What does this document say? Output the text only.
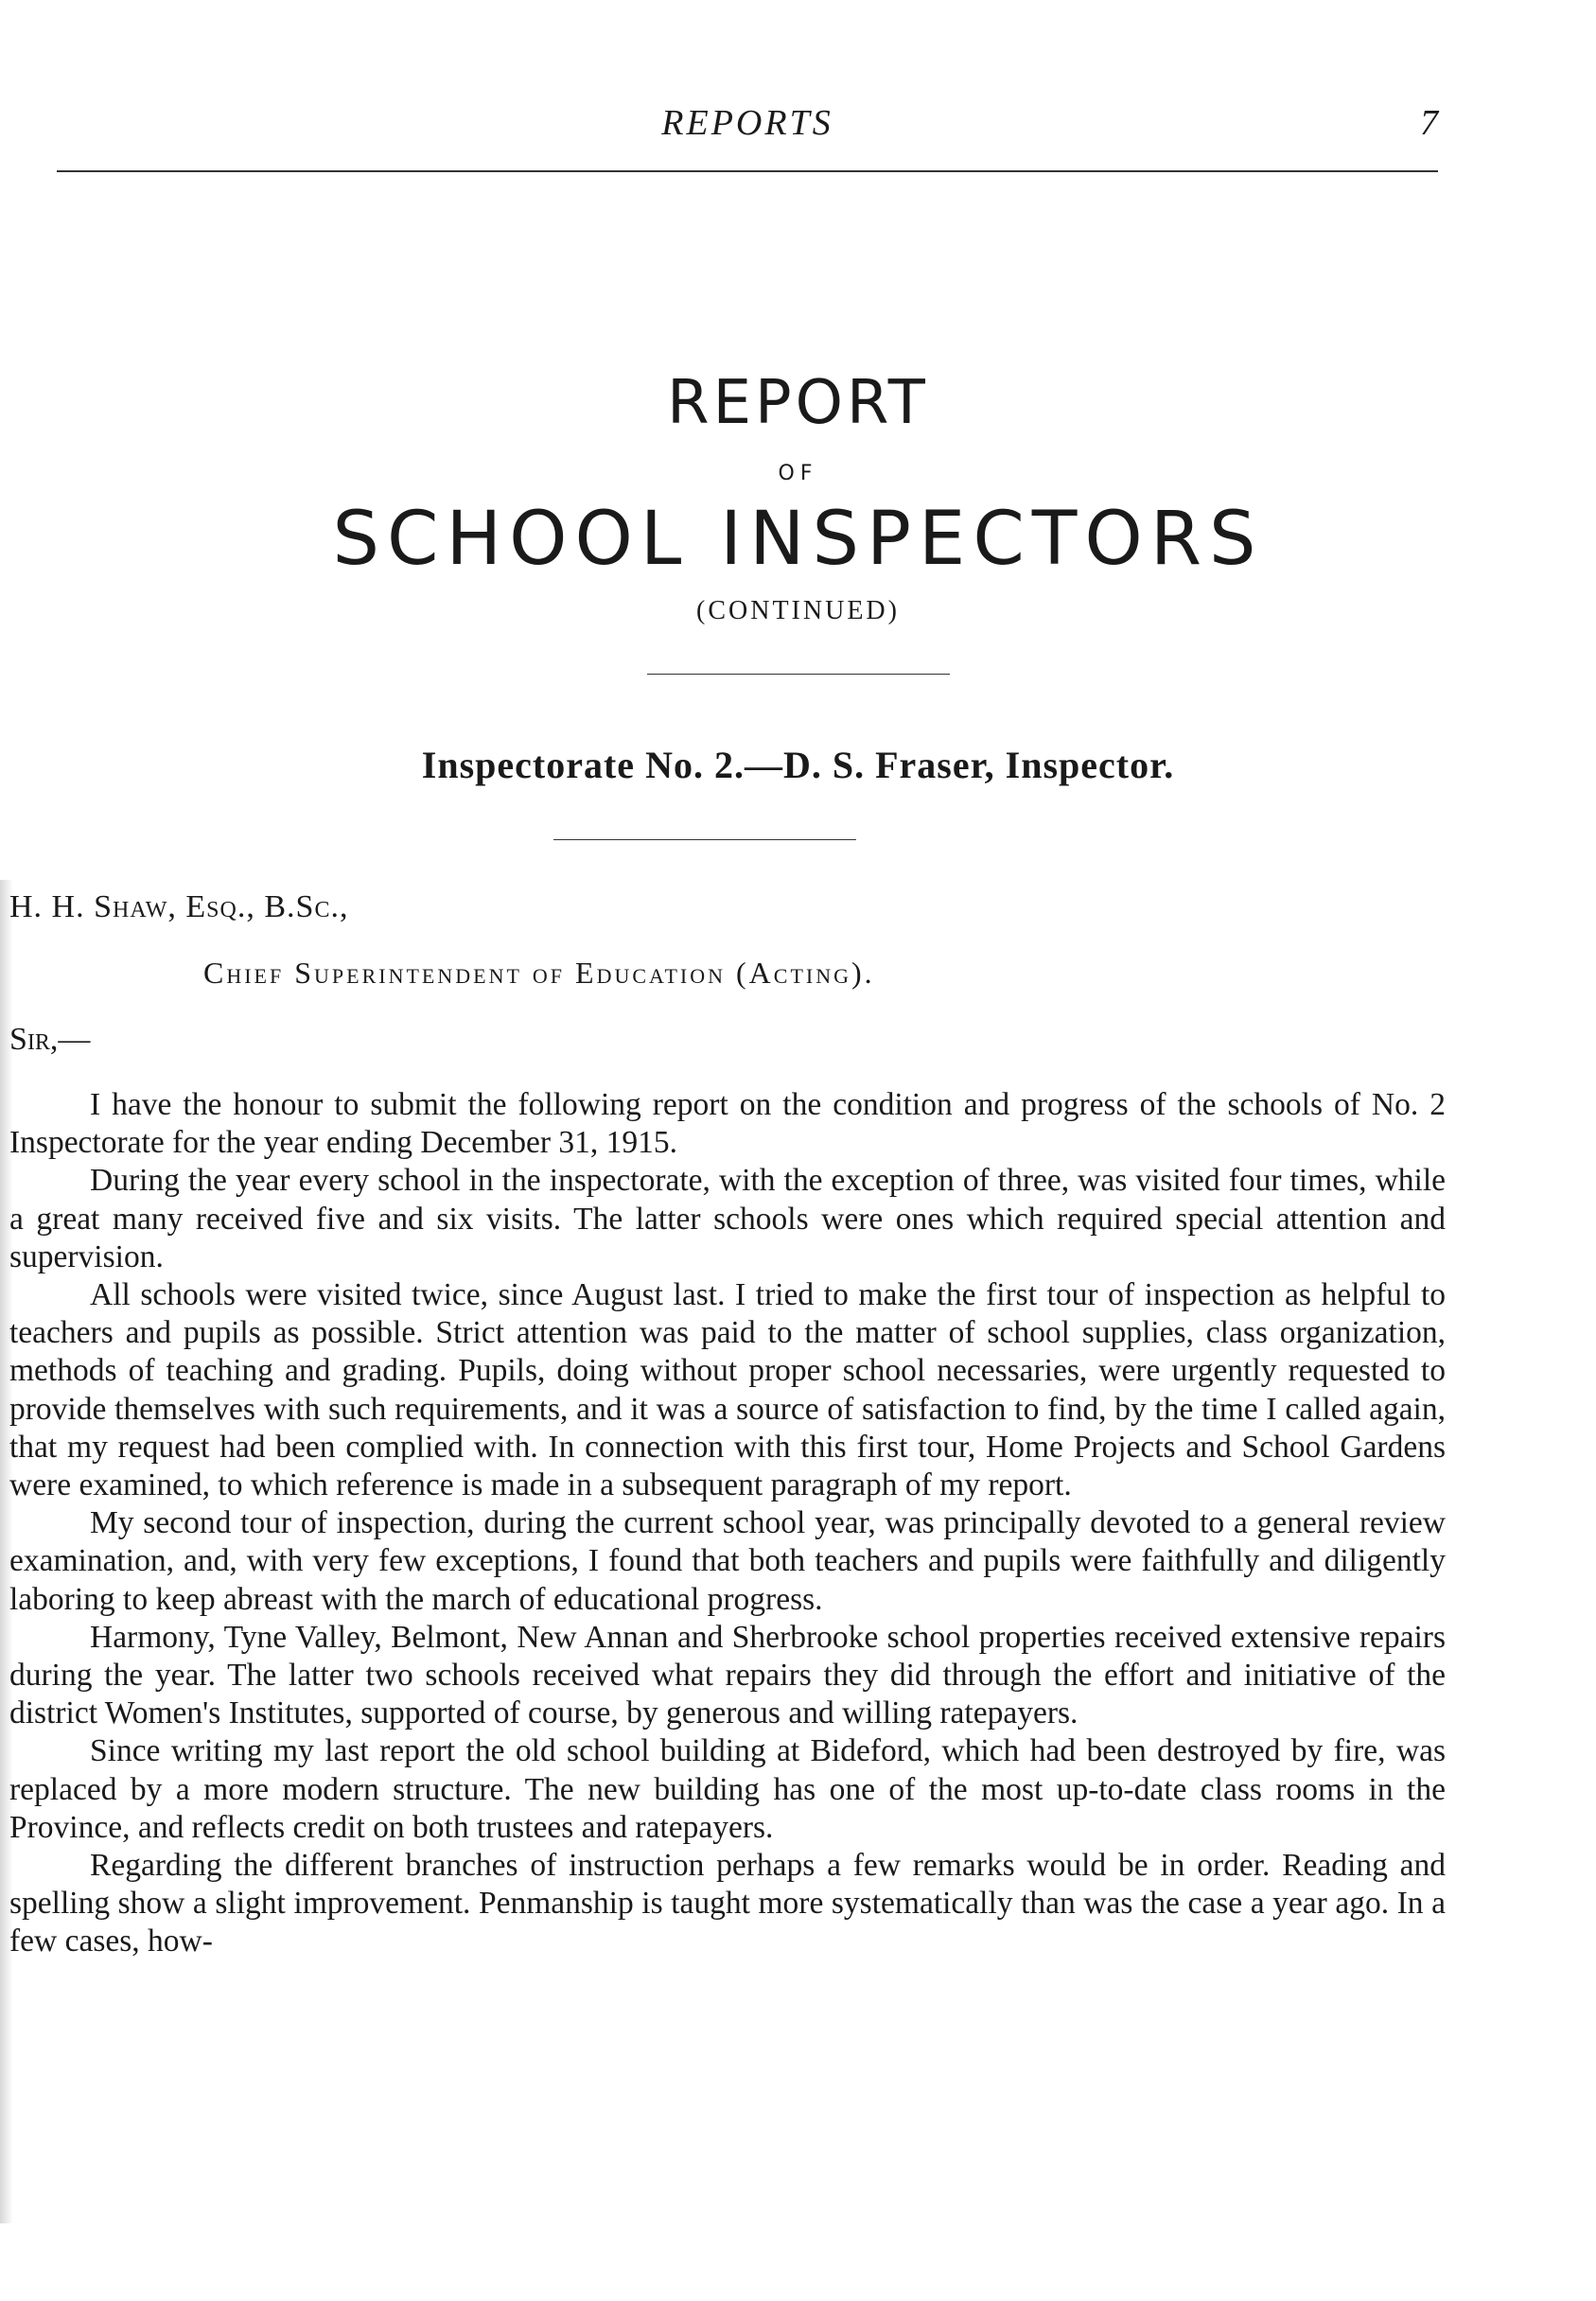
REPORTS	7
REPORT
OF
SCHOOL INSPECTORS
(CONTINUED)
Inspectorate No. 2.—D. S. Fraser, Inspector.
H. H. Shaw, Esq., B.Sc.,
Chief Superintendent of Education (Acting).
Sir,—

I have the honour to submit the following report on the condition and progress of the schools of No. 2 Inspectorate for the year ending December 31, 1915.

During the year every school in the inspectorate, with the exception of three, was visited four times, while a great many received five and six visits. The latter schools were ones which required special attention and supervision.

All schools were visited twice, since August last. I tried to make the first tour of inspection as helpful to teachers and pupils as possible. Strict attention was paid to the matter of school supplies, class organization, methods of teaching and grading. Pupils, doing without proper school necessaries, were urgently requested to provide themselves with such requirements, and it was a source of satisfaction to find, by the time I called again, that my request had been complied with. In connection with this first tour, Home Projects and School Gardens were examined, to which reference is made in a subsequent paragraph of my report.

My second tour of inspection, during the current school year, was principally devoted to a general review examination, and, with very few exceptions, I found that both teachers and pupils were faithfully and diligently laboring to keep abreast with the march of educational progress.

Harmony, Tyne Valley, Belmont, New Annan and Sherbrooke school properties received extensive repairs during the year. The latter two schools received what repairs they did through the effort and initiative of the district Women's Institutes, supported of course, by generous and willing ratepayers.

Since writing my last report the old school building at Bideford, which had been destroyed by fire, was replaced by a more modern structure. The new building has one of the most up-to-date class rooms in the Province, and reflects credit on both trustees and ratepayers.

Regarding the different branches of instruction perhaps a few remarks would be in order. Reading and spelling show a slight improvement. Penmanship is taught more systematically than was the case a year ago. In a few cases, how-
